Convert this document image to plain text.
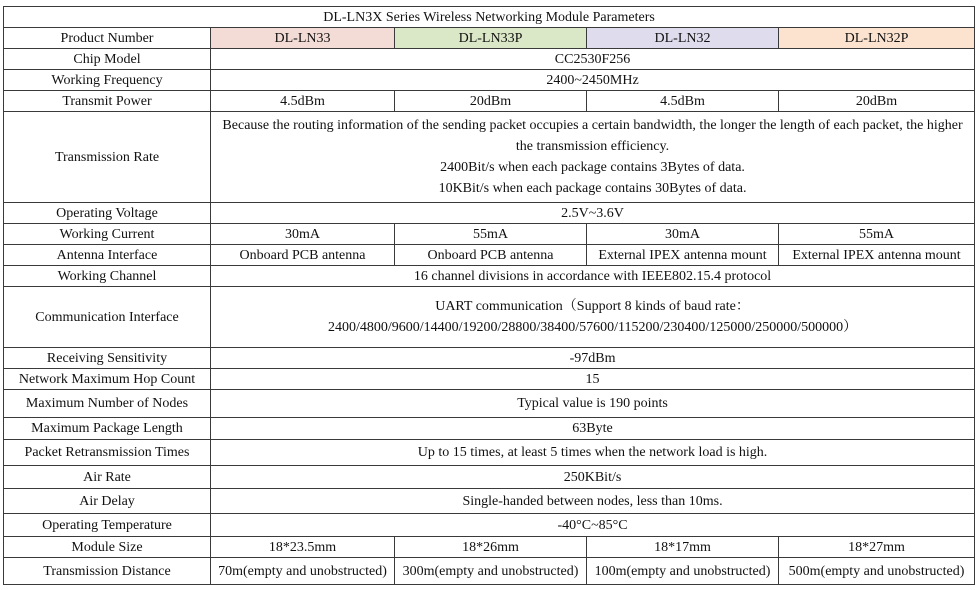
DL-LN3X Series Wireless Networking Module Parameters				
Product Number	DL-LN33	DL-LN33P	DL-LN32	DL-LN32P
Chip Model	CC2530F256			
Working Frequency	2400~2450MHz			
Transmit Power	4.5dBm	20dBm	4.5dBm	20dBm
Transmission Rate	Because the routing information of the sending packet occupies a certain bandwidth, the longer the length of each packet, the higher the transmission efficiency.
2400Bit/s when each package contains 3Bytes of data.
10KBit/s when each package contains 30Bytes of data.			

Operating Voltage	2.5V~3.6V			
Working Current	30mA	55mA	30mA	55mA
Antenna Interface	Onboard PCB antenna	Onboard PCB antenna	External IPEX antenna mount	External IPEX antenna mount
Working Channel	16 channel divisions in accordance with IEEE802.15.4 protocol			
Communication Interface	UART communication（Support 8 kinds of baud rate：
2400/4800/9600/14400/19200/28800/38400/57600/115200/230400/125000/250000/500000）			

Receiving Sensitivity	-97dBm			
Network Maximum Hop Count	15			
Maximum Number of Nodes	Typical value is 190 points			
Maximum Package Length	63Byte			
Packet Retransmission Times	Up to 15 times, at least 5 times when the network load is high.			
Air Rate	250KBit/s			
Air Delay	Single-handed between nodes, less than 10ms.			
Operating Temperature	-40°C~85°C			
Module Size	18*23.5mm	18*26mm	18*17mm	18*27mm
Transmission Distance	70m(empty and unobstructed)	300m(empty and unobstructed)	100m(empty and unobstructed)	500m(empty and unobstructed)
